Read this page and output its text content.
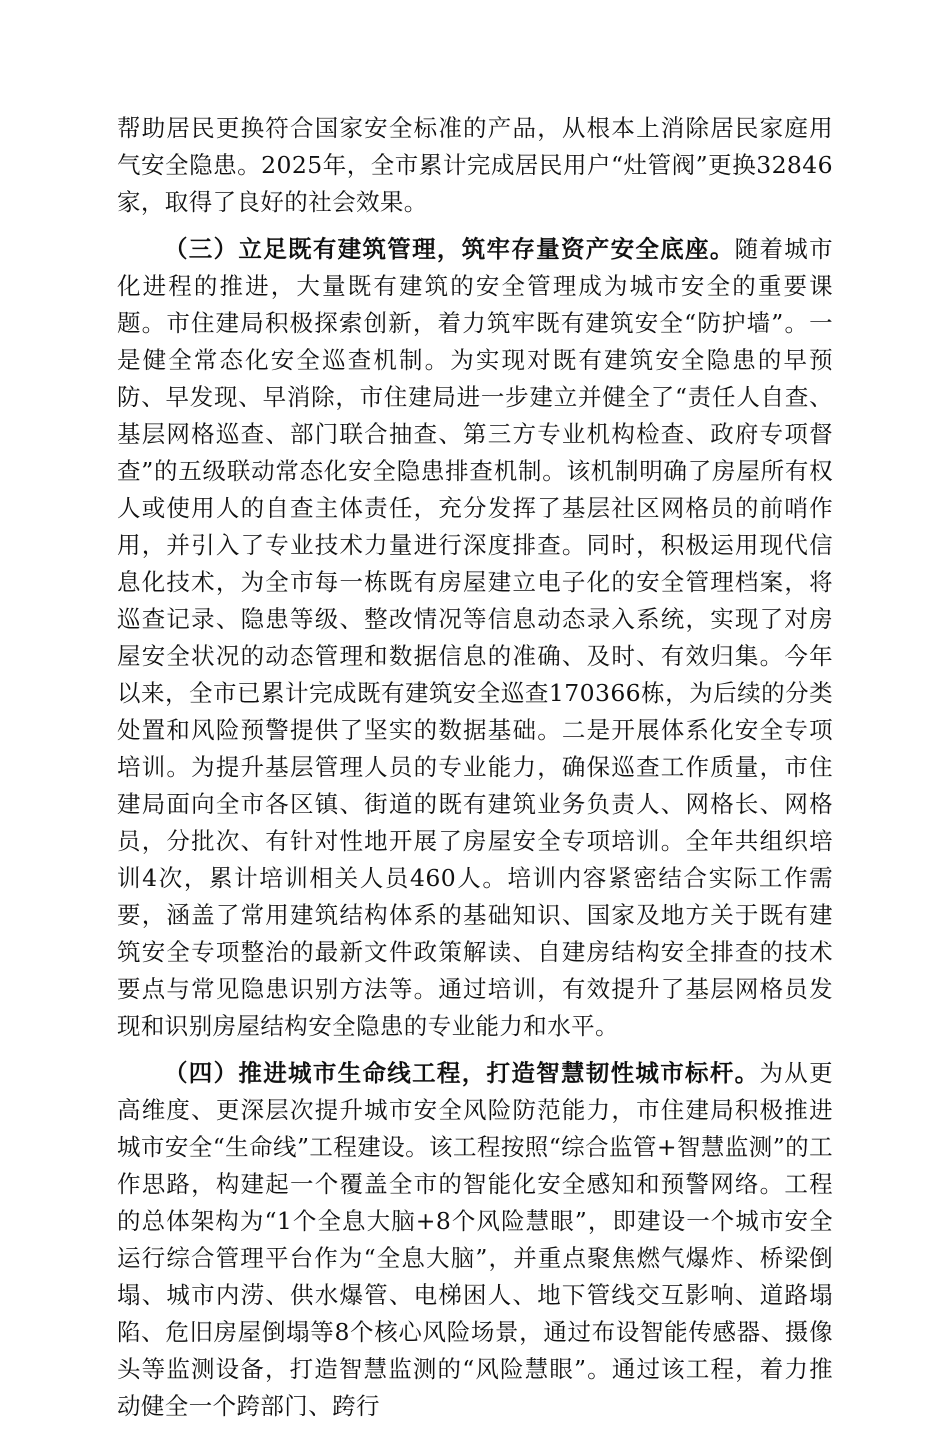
帮助居民更换符合国家安全标准的产品，从根本上消除居民家庭用气安全隐患。2025年，全市累计完成居民用户“灶管阀”更换32846家，取得了良好的社会效果。

（三）立足既有建筑管理，筑牢存量资产安全底座。随着城市化进程的推进，大量既有建筑的安全管理成为城市安全的重要课题。市住建局积极探索创新，着力筑牢既有建筑安全“防护墙”。一是健全常态化安全巡查机制。为实现对既有建筑安全隐患的早预防、早发现、早消除，市住建局进一步建立并健全了“责任人自查、基层网格巡查、部门联合抽查、第三方专业机构检查、政府专项督查”的五级联动常态化安全隐患排查机制。该机制明确了房屋所有权人或使用人的自查主体责任，充分发挥了基层社区网格员的前哨作用，并引入了专业技术力量进行深度排查。同时，积极运用现代信息化技术，为全市每一栋既有房屋建立电子化的安全管理档案，将巡查记录、隐患等级、整改情况等信息动态录入系统，实现了对房屋安全状况的动态管理和数据信息的准确、及时、有效归集。今年以来，全市已累计完成既有建筑安全巡查170366栋，为后续的分类处置和风险预警提供了坚实的数据基础。二是开展体系化安全专项培训。为提升基层管理人员的专业能力，确保巡查工作质量，市住建局面向全市各区镇、街道的既有建筑业务负责人、网格长、网格员，分批次、有针对性地开展了房屋安全专项培训。全年共组织培训4次，累计培训相关人员460人。培训内容紧密结合实际工作需要，涵盖了常用建筑结构体系的基础知识、国家及地方关于既有建筑安全专项整治的最新文件政策解读、自建房结构安全排查的技术要点与常见隐患识别方法等。通过培训，有效提升了基层网格员发现和识别房屋结构安全隐患的专业能力和水平。

（四）推进城市生命线工程，打造智慧韧性城市标杆。为从更高维度、更深层次提升城市安全风险防范能力，市住建局积极推进城市安全“生命线”工程建设。该工程按照“综合监管+智慧监测”的工作思路，构建起一个覆盖全市的智能化安全感知和预警网络。工程的总体架构为“1个全息大脑+8个风险慧眼”，即建设一个城市安全运行综合管理平台作为“全息大脑”，并重点聚焦燃气爆炸、桥梁倒塌、城市内涝、供水爆管、电梯困人、地下管线交互影响、道路塌陷、危旧房屋倒塌等8个核心风险场景，通过布设智能传感器、摄像头等监测设备，打造智慧监测的“风险慧眼”。通过该工程，着力推动健全一个跨部门、跨行
